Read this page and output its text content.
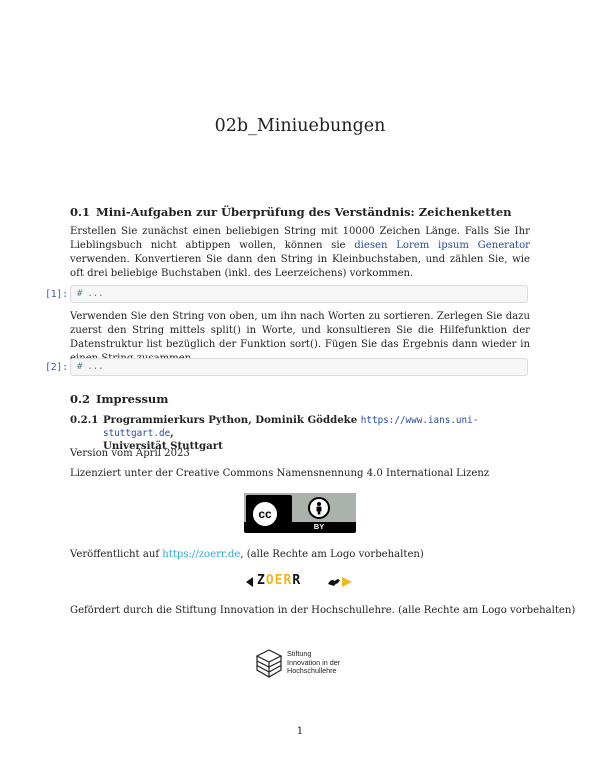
02b_Miniuebungen
0.1 Mini-Aufgaben zur Überprüfung des Verständnis: Zeichenketten
Erstellen Sie zunächst einen beliebigen String mit 10000 Zeichen Länge. Falls Sie Ihr Lieblingsbuch nicht abtippen wollen, können sie diesen Lorem ipsum Generator verwenden. Konvertieren Sie dann den String in Kleinbuchstaben, und zählen Sie, wie oft drei beliebige Buchstaben (inkl. des Leerzeichens) vorkommen.
[1]: # ...
Verwenden Sie den String von oben, um ihn nach Worten zu sortieren. Zerlegen Sie dazu zuerst den String mittels split() in Worte, und konsultieren Sie die Hilfefunktion der Datenstruktur list bezüglich der Funktion sort(). Fügen Sie das Ergebnis dann wieder in
[2]: # ...
0.2 Impressum
0.2.1 Programmierkurs Python, Dominik Göddeke https://www.ians.uni-stuttgart.de,
Universität Stuttgart
Version vom April 2023
Lizenziert unter der Creative Commons Namensnennung 4.0 International Lizenz
cc
BY
Veröffentlicht auf https://zoerr.de, (alle Rechte am Logo vorbehalten)
ZOERR
Gefördert durch die Stiftung Innovation in der Hochschullehre. (alle Rechte am Logo vorbehalten)
Stiftung
Innovation in der
Hochschullehre
1
